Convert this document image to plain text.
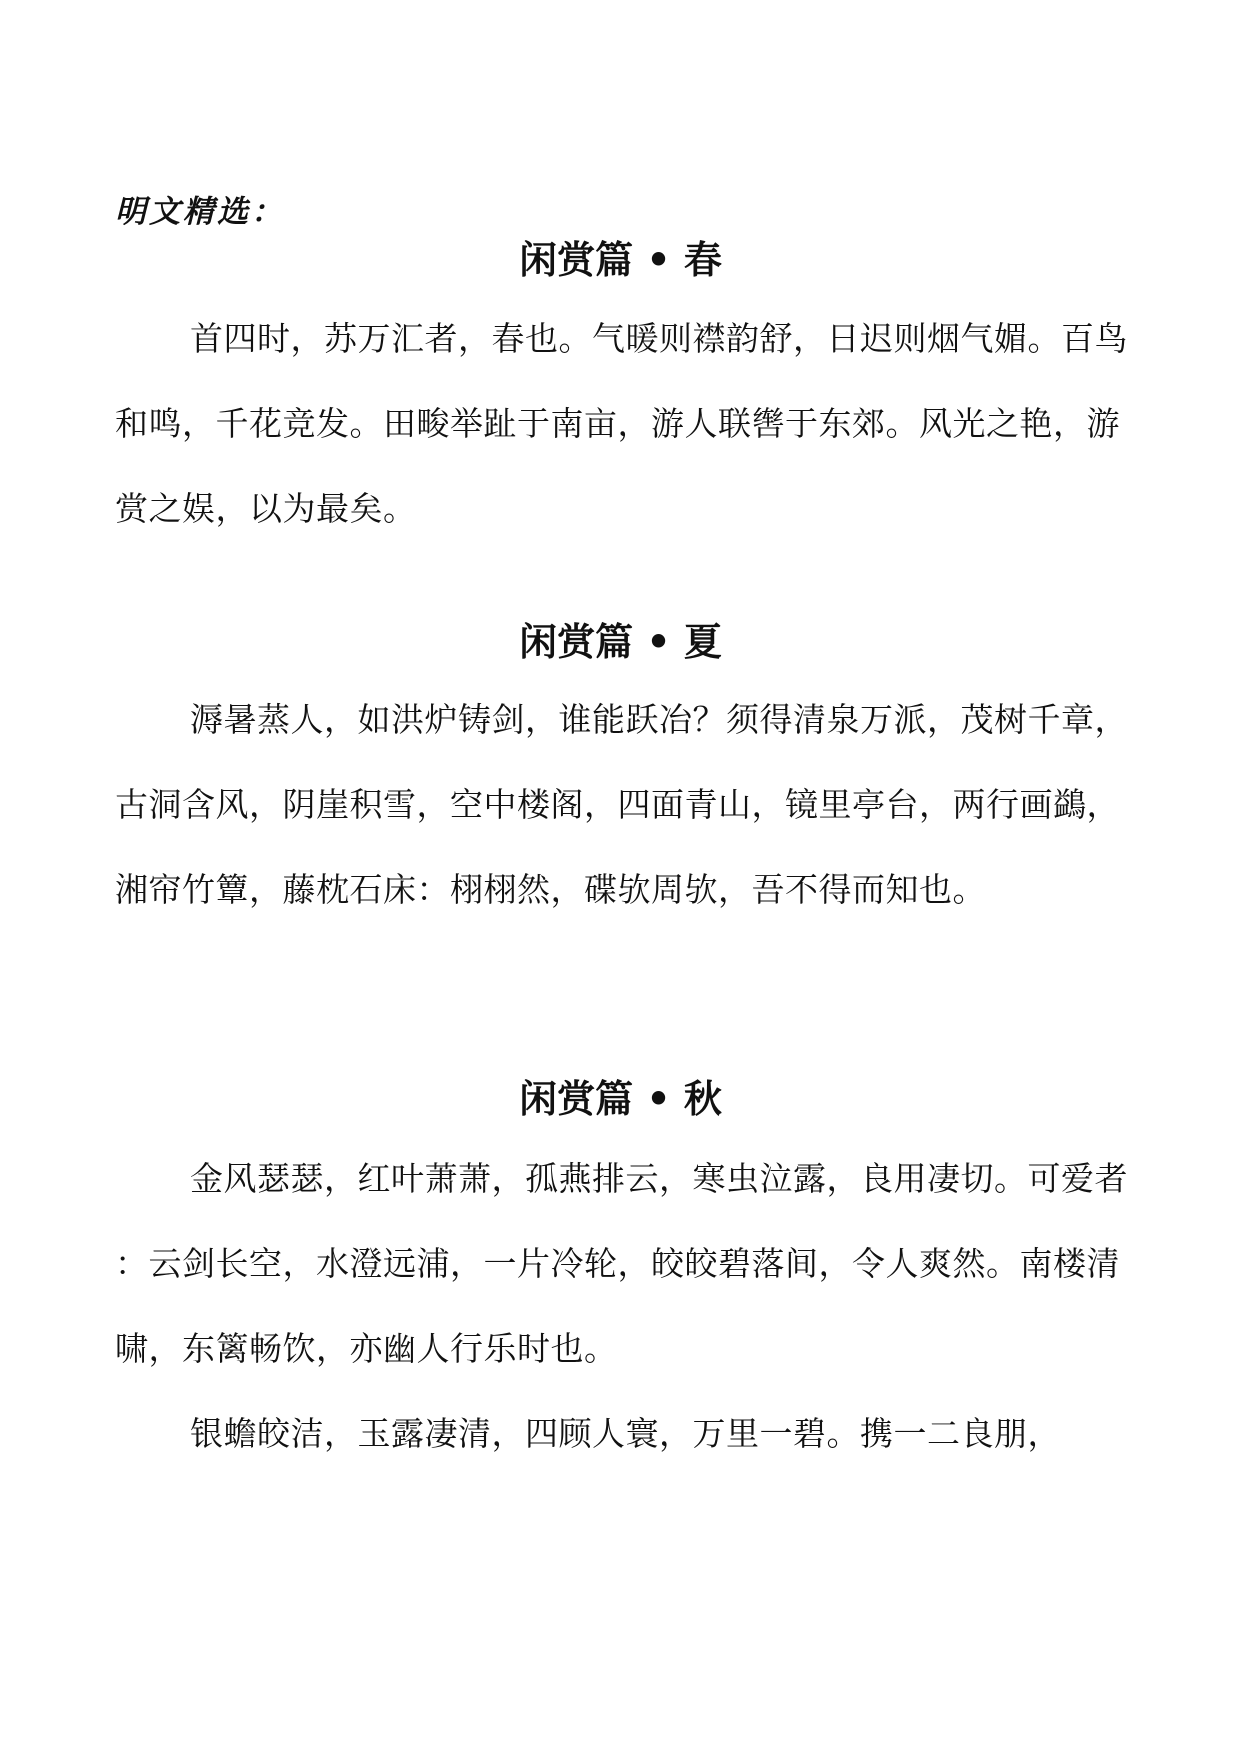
明文精选：
闲赏篇 • 春

首四时，苏万汇者，春也。气暖则襟韵舒，日迟则烟气媚。百鸟和鸣，千花竞发。田畯举趾于南亩，游人联辔于东郊。风光之艳，游赏之娱，以为最矣。

闲赏篇 • 夏

溽暑蒸人，如洪炉铸剑，谁能跃冶？须得清泉万派，茂树千章，古洞含风，阴崖积雪，空中楼阁，四面青山，镜里亭台，两行画鷁，湘帘竹簟，藤枕石床：栩栩然，碟欤周欤，吾不得而知也。

闲赏篇 • 秋

金风瑟瑟，红叶萧萧，孤燕排云，寒虫泣露，良用凄切。可爱者 ：云剑长空，水澄远浦，一片冷轮，皎皎碧落间，令人爽然。南楼清啸，东篱畅饮，亦幽人行乐时也。

银蟾皎洁，玉露凄清，四顾人寰，万里一碧。携一二良朋，
